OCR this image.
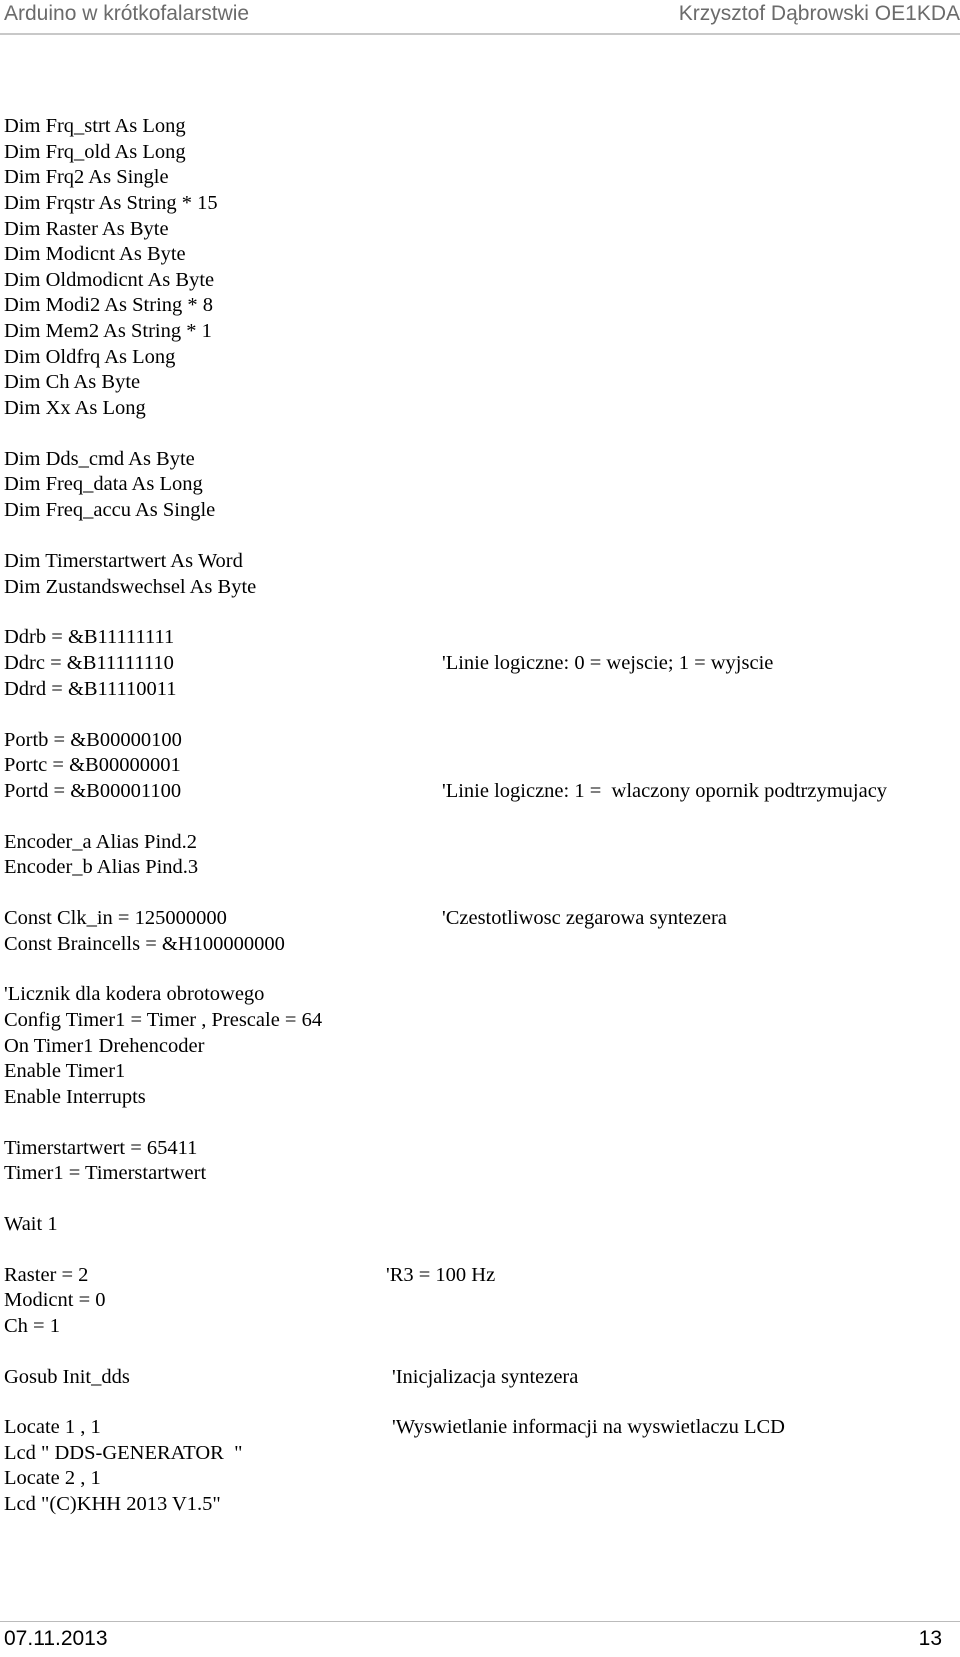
Arduino w krótkofalarstwie	Krzysztof Dąbrowski OE1KDA
Dim Frq_strt As Long
Dim Frq_old As Long
Dim Frq2 As Single
Dim Frqstr As String * 15
Dim Raster As Byte
Dim Modicnt As Byte
Dim Oldmodicnt As Byte
Dim Modi2 As String * 8
Dim Mem2 As String * 1
Dim Oldfrq As Long
Dim Ch As Byte
Dim Xx As Long
Dim Dds_cmd As Byte
Dim Freq_data As Long
Dim Freq_accu As Single
Dim Timerstartwert As Word
Dim Zustandswechsel As Byte
Ddrb = &B11111111
Ddrc = &B11111110
Ddrd = &B11110011
Portb = &B00000100
Portc = &B00000001
Portd = &B00001100
Encoder_a Alias Pind.2
Encoder_b Alias Pind.3
Const Clk_in = 125000000
Const Braincells = &H100000000
'Licznik dla kodera obrotowego
Config Timer1 = Timer , Prescale = 64
On Timer1 Drehencoder
Enable Timer1
Enable Interrupts
Timerstartwert = 65411
Timer1 = Timerstartwert
Wait 1
Raster = 2
Modicnt = 0
Ch = 1
Gosub Init_dds
Locate 1 , 1
Lcd " DDS-GENERATOR  "
Locate 2 , 1
Lcd "(C)KHH 2013 V1.5"
'Linie logiczne: 0 = wejscie; 1 = wyjscie
'Linie logiczne: 1 =  wlaczony opornik podtrzymujacy
'Czestotliwosc zegarowa syntezera
'R3 = 100 Hz
'Inicjalizacja syntezera
'Wyswietlanie informacji na wyswietlaczu LCD
07.11.2013	13
